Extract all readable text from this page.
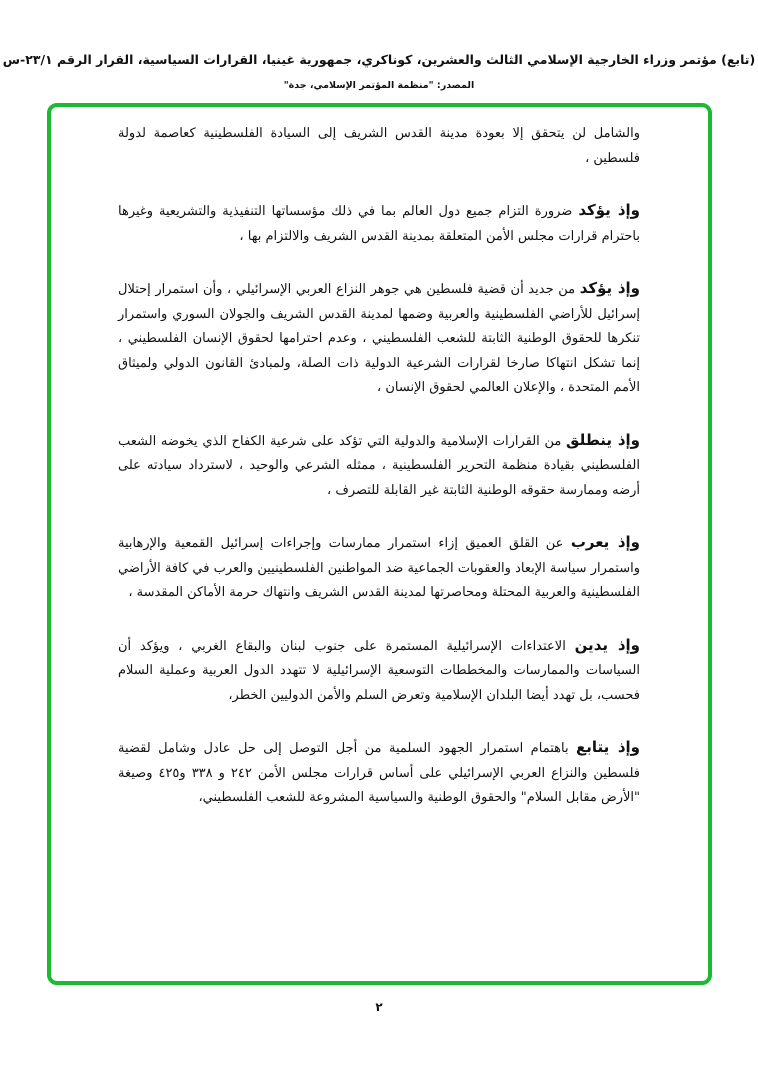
(تابع) مؤتمر وزراء الخارجية الإسلامي الثالث والعشرين، كوناكري، جمهورية غينيا، القرارات السياسية، القرار الرقم ٢٣/١-س
المصدر: "منظمة المؤتمر الإسلامي، جدة"

والشامل لن يتحقق إلا بعودة مدينة القدس الشريف إلى السيادة الفلسطينية كعاصمة لدولة فلسطين ،

وإذ يؤكد ضرورة التزام جميع دول العالم بما في ذلك مؤسساتها التنفيذية والتشريعية وغيرها باحترام قرارات مجلس الأمن المتعلقة بمدينة القدس الشريف والالتزام بها ،

وإذ يؤكد من جديد أن قضية فلسطين هي جوهر النزاع العربي الإسرائيلي ، وأن استمرار إحتلال إسرائيل للأراضي الفلسطينية والعربية وضمها لمدينة القدس الشريف والجولان السوري واستمرار تنكرها للحقوق الوطنية الثابتة للشعب الفلسطيني ، وعدم احترامها لحقوق الإنسان الفلسطيني ، إنما تشكل انتهاكا صارخا لقرارات الشرعية الدولية ذات الصلة، ولمبادئ القانون الدولي ولميثاق الأمم المتحدة ، والإعلان العالمي لحقوق الإنسان ،

وإذ ينطلق من القرارات الإسلامية والدولية التي تؤكد على شرعية الكفاح الذي يخوضه الشعب الفلسطيني بقيادة منظمة التحرير الفلسطينية ، ممثله الشرعي والوحيد ، لاسترداد سيادته على أرضه وممارسة حقوقه الوطنية الثابتة غير القابلة للتصرف ،

وإذ يعرب عن القلق العميق إزاء استمرار ممارسات وإجراءات إسرائيل القمعية والإرهابية واستمرار سياسة الإبعاد والعقوبات الجماعية ضد المواطنين الفلسطينيين والعرب في كافة الأراضي الفلسطينية والعربية المحتلة ومحاصرتها لمدينة القدس الشريف وانتهاك حرمة الأماكن المقدسة ،

وإذ يدين الاعتداءات الإسرائيلية المستمرة على جنوب لبنان والبقاع الغربي ، ويؤكد أن السياسات والممارسات والمخططات التوسعية الإسرائيلية لا تتهدد الدول العربية وعملية السلام فحسب، بل تهدد أيضا البلدان الإسلامية وتعرض السلم والأمن الدوليين الخطر،

وإذ يتابع باهتمام استمرار الجهود السلمية من أجل التوصل إلى حل عادل وشامل لقضية فلسطين والنزاع العربي الإسرائيلي على أساس قرارات مجلس الأمن ٢٤٢ و ٣٣٨ و٤٢٥ وصيغة "الأرض مقابل السلام" والحقوق الوطنية والسياسية المشروعة للشعب الفلسطيني،

٢
